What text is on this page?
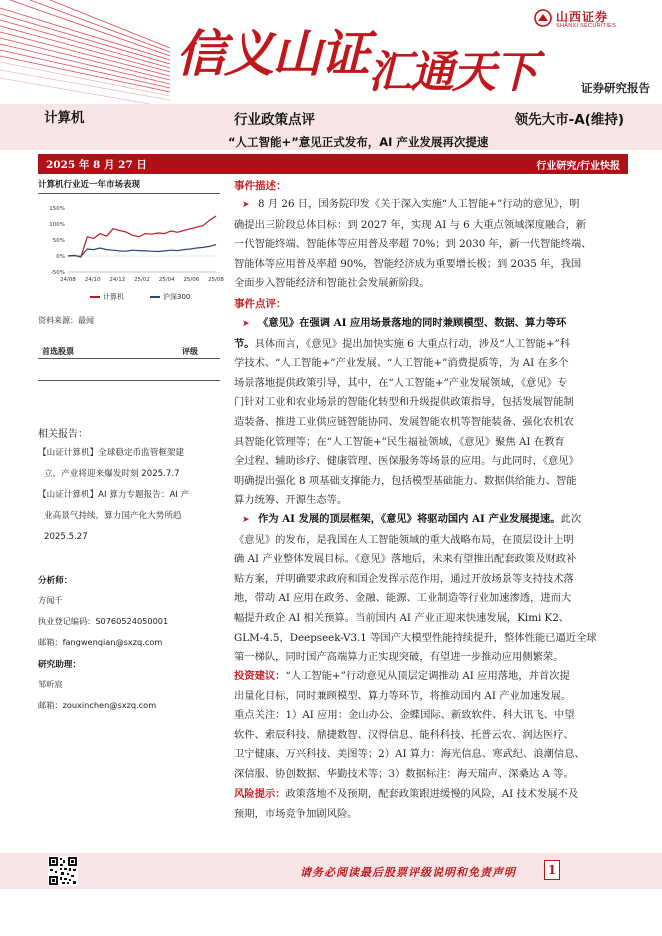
信义山证汇通天下
山西证券
SHANXI SECURITIES
证券研究报告
计算机	行业政策点评	领先大市-A(维持)
“人工智能+”意见正式发布，AI 产业发展再次提速
2025 年 8 月 27 日	行业研究/行业快报
计算机行业近一年市场表现
150%
100%
50%
0%
-50%
24/08 24/10 24/12 25/02 25/04 25/06 25/08
计算机	沪深300
资料来源：最闻
首选股票	评级
相关报告：
【山证计算机】全球稳定币监管框架建
立，产业将迎来爆发时刻 2025.7.7
【山证计算机】AI 算力专题报告：AI 产
业高景气持续，算力国产化大势所趋
2025.5.27
分析师：
方闻千
执业登记编码：S0760524050001
邮箱：fangwenqian@sxzq.com
研究助理：
邹昕宸
邮箱：zouxinchen@sxzq.com
事件描述：
➤ 8 月 26 日，国务院印发《关于深入实施“人工智能+”行动的意见》，明
确提出三阶段总体目标：到 2027 年，实现 AI 与 6 大重点领域深度融合，新
一代智能终端、智能体等应用普及率超 70%；到 2030 年，新一代智能终端、
智能体等应用普及率超 90%，智能经济成为重要增长极；到 2035 年，我国
全面步入智能经济和智能社会发展新阶段。
事件点评：
➤ 《意见》在强调 AI 应用场景落地的同时兼顾模型、数据、算力等环
节。具体而言，《意见》提出加快实施 6 大重点行动，涉及“人工智能+”科
学技术、“人工智能+”产业发展、“人工智能+”消费提质等，为 AI 在多个
场景落地提供政策引导，其中，在“人工智能+”产业发展领域，《意见》专
门针对工业和农业场景的智能化转型和升级提供政策指导，包括发展智能制
造装备、推进工业供应链智能协同、发展智能农机等智能装备、强化农机农
具智能化管理等；在“人工智能+”民生福祉领域，《意见》聚焦 AI 在教育
全过程、辅助诊疗、健康管理、医保服务等场景的应用。与此同时，《意见》
明确提出强化 8 项基础支撑能力，包括模型基础能力、数据供给能力、智能
算力统筹、开源生态等。
➤ 作为 AI 发展的顶层框架，《意见》将驱动国内 AI 产业发展提速。此次
《意见》的发布，是我国在人工智能领域的重大战略布局，在顶层设计上明
确 AI 产业整体发展目标。《意见》落地后，未来有望推出配套政策及财政补
贴方案，并明确要求政府和国企发挥示范作用，通过开放场景等支持技术落
地，带动 AI 应用在政务、金融、能源、工业制造等行业加速渗透，进而大
幅提升政企 AI 相关预算。当前国内 AI 产业正迎来快速发展，Kimi K2、
GLM-4.5，Deepseek-V3.1 等国产大模型性能持续提升，整体性能已逼近全球
第一梯队，同时国产高端算力正实现突破，有望进一步推动应用侧繁荣。
投资建议：“人工智能+”行动意见从顶层定调推动 AI 应用落地，并首次提
出量化目标，同时兼顾模型、算力等环节，将推动国内 AI 产业加速发展。
重点关注：1）AI 应用：金山办公、金蝶国际、新致软件、科大讯飞、中望
软件、索辰科技、鼎捷数智、汉得信息、能科科技、托普云农、润达医疗、
卫宁健康、万兴科技、美图等；2）AI 算力：海光信息、寒武纪、浪潮信息、
深信服、协创数据、华勤技术等；3）数据标注：海天瑞声、深桑达 A 等。
风险提示：政策落地不及预期，配套政策跟进缓慢的风险，AI 技术发展不及
预期，市场竞争加剧风险。
请务必阅读最后股票评级说明和免责声明	1
